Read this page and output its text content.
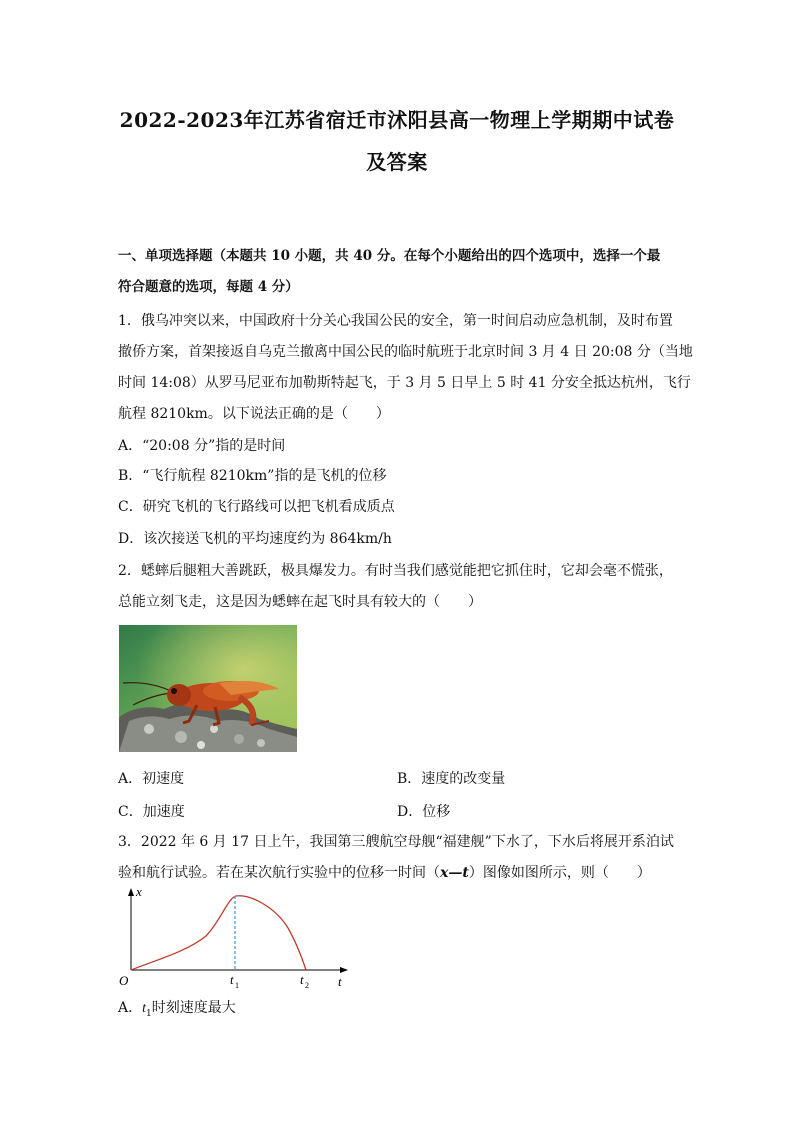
2022-2023年江苏省宿迁市沭阳县高一物理上学期期中试卷
及答案
一、单项选择题（本题共 10 小题，共 40 分。在每个小题给出的四个选项中，选择一个最
符合题意的选项，每题 4 分）
1．俄乌冲突以来，中国政府十分关心我国公民的安全，第一时间启动应急机制，及时布置
撤侨方案，首架接返自乌克兰撤离中国公民的临时航班于北京时间 3 月 4 日 20:08 分（当地
时间 14:08）从罗马尼亚布加勒斯特起飞，于 3 月 5 日早上 5 时 41 分安全抵达杭州，飞行
航程 8210km。以下说法正确的是（　　）
A．“20:08 分”指的是时间
B．“飞行航程 8210km”指的是飞机的位移
C．研究飞机的飞行路线可以把飞机看成质点
D．该次接送飞机的平均速度约为 864km/h
2．蟋蟀后腿粗大善跳跃，极具爆发力。有时当我们感觉能把它抓住时，它却会毫不慌张，
总能立刻飞走，这是因为蟋蟀在起飞时具有较大的（　　）
A．初速度	B．速度的改变量
C．加速度	D．位移
3．2022 年 6 月 17 日上午，我国第三艘航空母舰“福建舰”下水了，下水后将展开系泊试
验和航行试验。若在某次航行实验中的位移一时间（x—t）图像如图所示，则（　　）
x
t
O	t 1	t 2
A．$t_1$时刻速度最大
